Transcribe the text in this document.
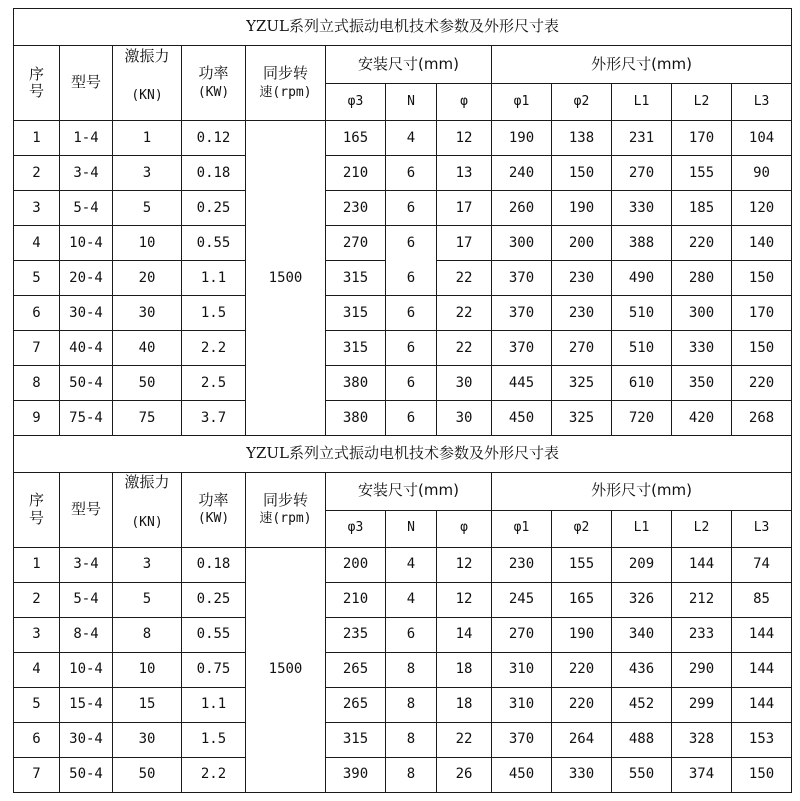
YZUL系列立式振动电机技术参数及外形尺寸表												
序
号	型号	激振力
(KN)	功率
(KW)	同步转
速(rpm)	安装尺寸(mm)			外形尺寸(mm)				
					φ3	N	φ	φ1	φ2	L1	L2	L3
1	1-4	1	0.12	1500	165	4	12	190	138	231	170	104
2	3-4	3	0.18		210	6	13	240	150	270	155	90
3	5-4	5	0.25		230	6	17	260	190	330	185	120
4	10-4	10	0.55		270	6	17	300	200	388	220	140
5	20-4	20	1.1		315	6	22	370	230	490	280	150
6	30-4	30	1.5		315	6	22	370	230	510	300	170
7	40-4	40	2.2		315	6	22	370	270	510	330	150
8	50-4	50	2.5		380	6	30	445	325	610	350	220
9	75-4	75	3.7		380	6	30	450	325	720	420	268
YZUL系列立式振动电机技术参数及外形尺寸表												
序
号	型号	激振力
(KN)	功率
(KW)	同步转
速(rpm)	安装尺寸(mm)			外形尺寸(mm)				
					φ3	N	φ	φ1	φ2	L1	L2	L3
1	3-4	3	0.18	1500	200	4	12	230	155	209	144	74
2	5-4	5	0.25		210	4	12	245	165	326	212	85
3	8-4	8	0.55		235	6	14	270	190	340	233	144
4	10-4	10	0.75		265	8	18	310	220	436	290	144
5	15-4	15	1.1		265	8	18	310	220	452	299	144
6	30-4	30	1.5		315	8	22	370	264	488	328	153
7	50-4	50	2.2		390	8	26	450	330	550	374	150
